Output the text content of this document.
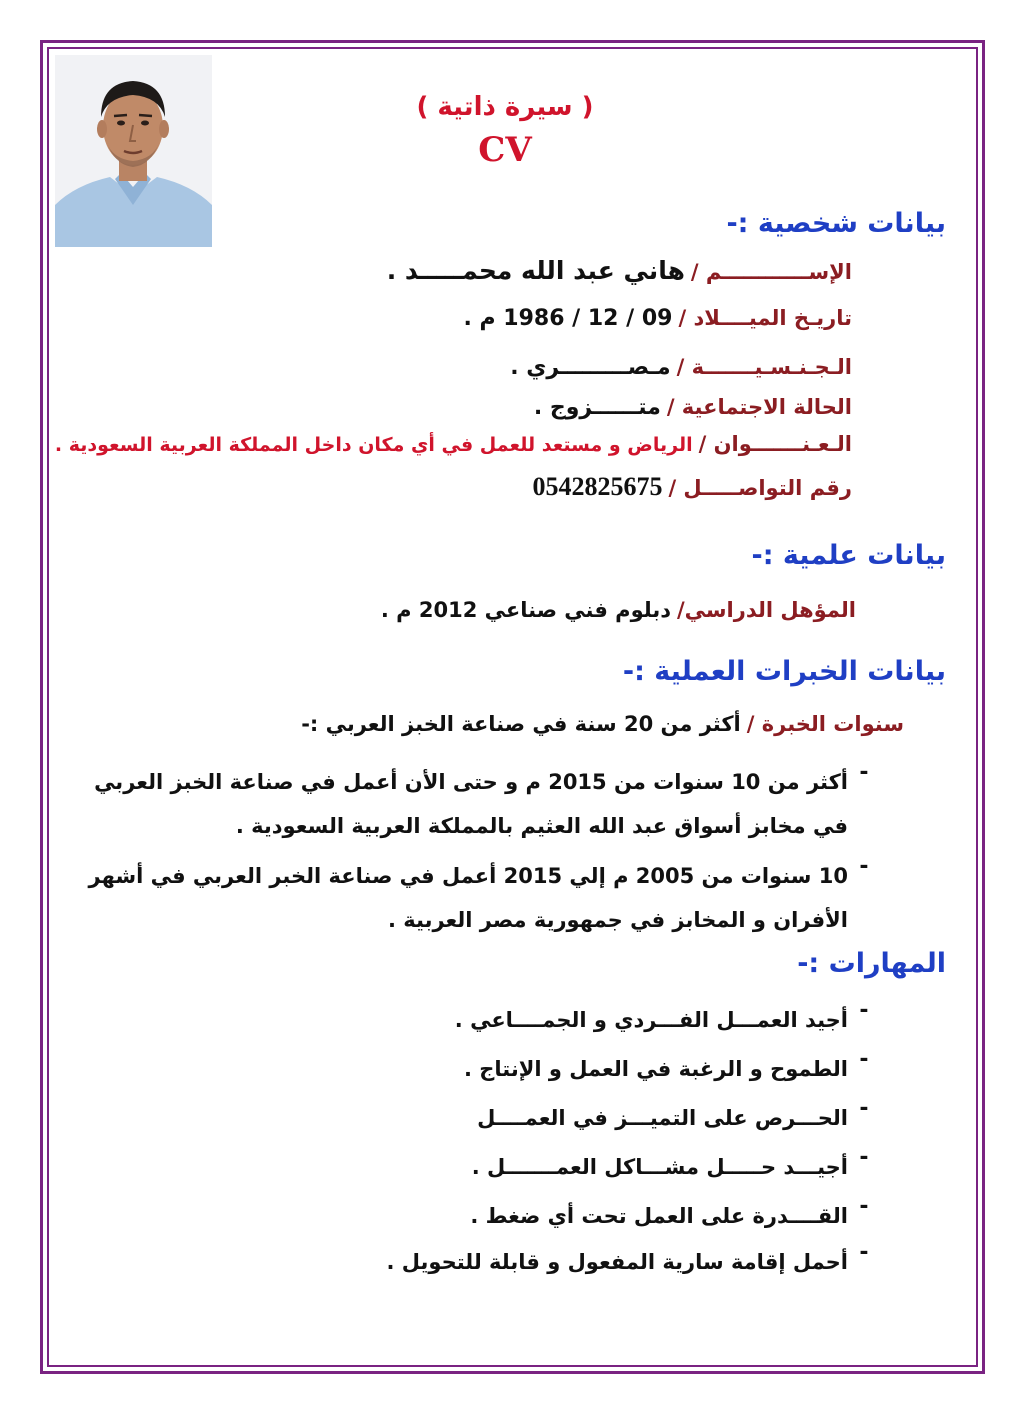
( سيرة ذاتية )
CV
بيانات شخصية :-
الإســــــــــــم /
هاني عبد الله محمـــــد .
تاريـخ الميــــلاد /
09 / 12 / 1986 م .
الـجـنـسـيـــــــة /
مـصـــــــــري .
الحالة الاجتماعية /
متــــــزوج .
الـعـنـــــــوان /
الرياض و مستعد للعمل في أي مكان داخل المملكة العربية السعودية .
رقم التواصـــــل /
0542825675
بيانات علمية :-
المؤهل الدراسي/
دبلوم فني صناعي 2012 م .
بيانات الخبرات العملية :-
سنوات الخبرة /
أكثر من 20 سنة في صناعة الخبز العربي :-
-
أكثر من 10 سنوات من 2015 م و حتى الأن أعمل في صناعة الخبز العربي في مخابز أسواق عبد الله العثيم بالمملكة العربية السعودية .
-
10 سنوات من 2005 م إلي 2015 أعمل في صناعة الخبر العربي في أشهر الأفران و المخابز في جمهورية مصر العربية .
المهارات :-
-
أجيد العمـــل الفـــردي و الجمــــاعي .
-
الطموح و الرغبة في العمل و الإنتاج .
-
الحـــرص على التميـــز في العمــــل
-
أجيـــد حـــــل مشـــاكل العمـــــــل .
-
القــــدرة على العمل تحت أي ضغط .
-
أحمل إقامة سارية المفعول و قابلة للتحويل .
